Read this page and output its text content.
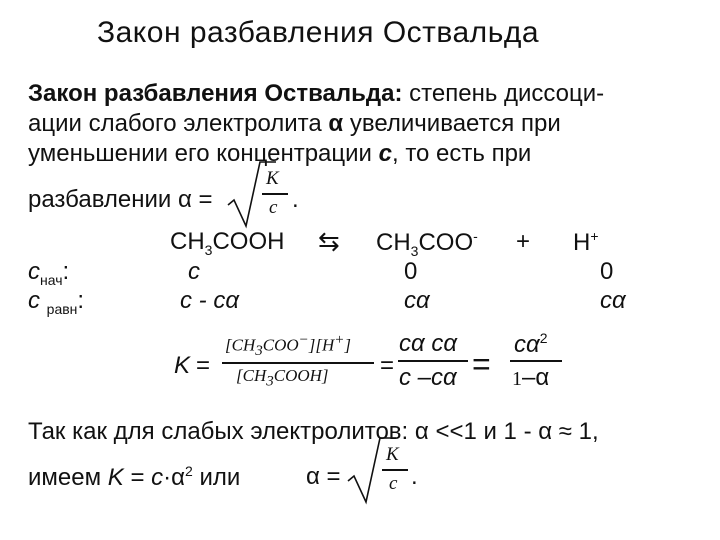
Закон разбавления Оствальда
Закон разбавления Оствальда: степень диссоци-
ации слабого электролита α увеличивается при
уменьшении его концентрации с, то есть при
разбавлении α =
K
c .
$CH_3COOH$ ⇆ $CH_3COO^- + H^+$
$с_{нач}$:	с	0	0
с $_{равн}$:	с - сα	сα	сα
K =
$[CH_3COO^-][H^+]$
$[CH_3COOH]$ =
сα сα
с –сα =
$с\alpha^2$
1–α
Так как для слабых электролитов: α <<1 и 1 - α ≈ 1,
имеем $K = с\cdot\alpha^2$ или	α =
K
c .
